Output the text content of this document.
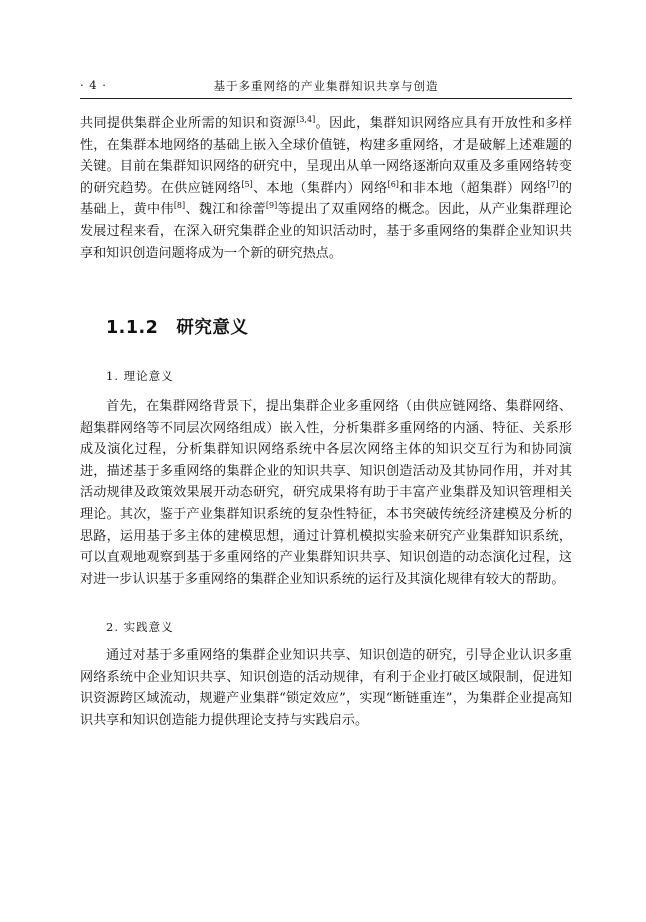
· 4 ·	基于多重网络的产业集群知识共享与创造

共同提供集群企业所需的知识和资源[3,4]。因此，集群知识网络应具有开放性和多样性，在集群本地网络的基础上嵌入全球价值链，构建多重网络，才是破解上述难题的关键。目前在集群知识网络的研究中，呈现出从单一网络逐渐向双重及多重网络转变的研究趋势。在供应链网络[5]、本地（集群内）网络[6]和非本地（超集群）网络[7]的基础上，黄中伟[8]、魏江和徐蕾[9]等提出了双重网络的概念。因此，从产业集群理论发展过程来看，在深入研究集群企业的知识活动时，基于多重网络的集群企业知识共享和知识创造问题将成为一个新的研究热点。

1.1.2 研究意义

1. 理论意义

首先，在集群网络背景下，提出集群企业多重网络（由供应链网络、集群网络、超集群网络等不同层次网络组成）嵌入性，分析集群多重网络的内涵、特征、关系形成及演化过程，分析集群知识网络系统中各层次网络主体的知识交互行为和协同演进，描述基于多重网络的集群企业的知识共享、知识创造活动及其协同作用，并对其活动规律及政策效果展开动态研究，研究成果将有助于丰富产业集群及知识管理相关理论。其次，鉴于产业集群知识系统的复杂性特征，本书突破传统经济建模及分析的思路，运用基于多主体的建模思想，通过计算机模拟实验来研究产业集群知识系统，可以直观地观察到基于多重网络的产业集群知识共享、知识创造的动态演化过程，这对进一步认识基于多重网络的集群企业知识系统的运行及其演化规律有较大的帮助。

2. 实践意义

通过对基于多重网络的集群企业知识共享、知识创造的研究，引导企业认识多重网络系统中企业知识共享、知识创造的活动规律，有利于企业打破区域限制，促进知识资源跨区域流动，规避产业集群“锁定效应”，实现“断链重连”，为集群企业提高知识共享和知识创造能力提供理论支持与实践启示。
